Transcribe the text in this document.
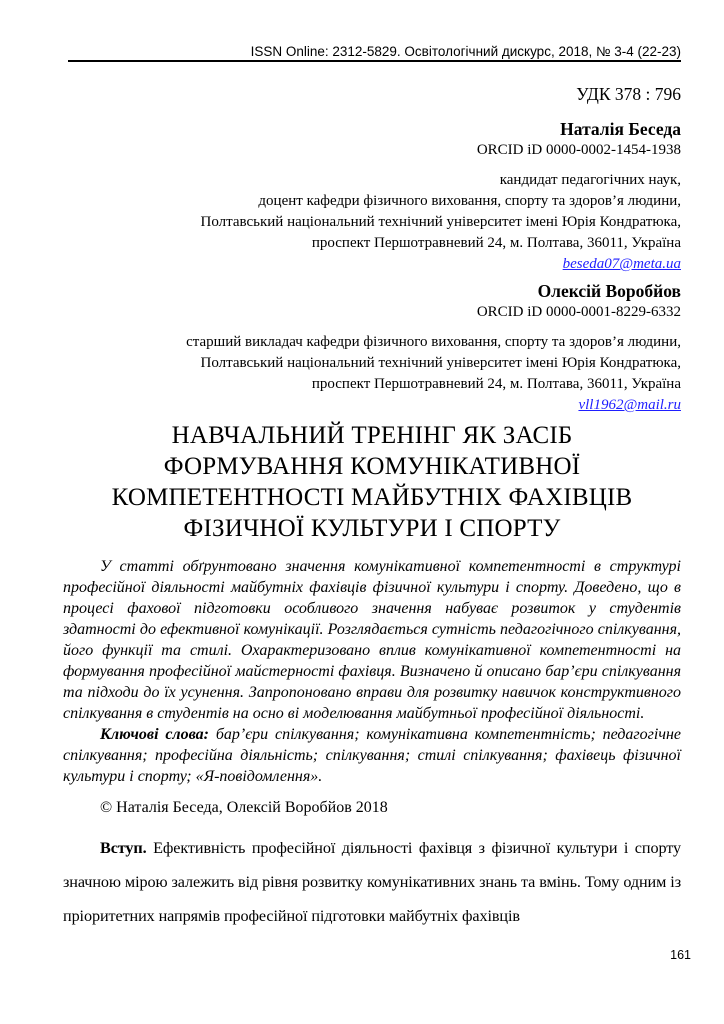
ISSN Online: 2312-5829. Освітологічний дискурс, 2018, № 3-4 (22-23)
УДК 378 : 796
Наталія Беседа
ORCID iD 0000-0002-1454-1938
кандидат педагогічних наук,
доцент кафедри фізичного виховання, спорту та здоров’я людини,
Полтавський національний технічний університет імені Юрія Кондратюка,
проспект Першотравневий 24, м. Полтава, 36011, Україна
beseda07@meta.ua
Олексій Воробйов
ORCID iD 0000-0001-8229-6332
старший викладач кафедри фізичного виховання, спорту та здоров’я людини,
Полтавський національний технічний університет імені Юрія Кондратюка,
проспект Першотравневий 24, м. Полтава, 36011, Україна
vll1962@mail.ru
НАВЧАЛЬНИЙ ТРЕНІНГ ЯК ЗАСІБ
ФОРМУВАННЯ КОМУНІКАТИВНОЇ
КОМПЕТЕНТНОСТІ МАЙБУТНІХ ФАХІВЦІВ
ФІЗИЧНОЇ КУЛЬТУРИ І СПОРТУ

У статті обґрунтовано значення комунікативної компетентності в структурі професійної діяльності майбутніх фахівців фізичної культури і спорту. Доведено, що в процесі фахової підготовки особливого значення набуває розвиток у студентів здатності до ефективної комунікації. Розглядається сутність педагогічного спілкування, його функції та стилі. Охарактеризовано вплив комунікативної компетентності на формування професійної майстерності фахівця. Визначено й описано бар’єри спілкування та підходи до їх усунення. Запропоновано вправи для розвитку навичок конструктивного спілкування в студентів на осно ві моделювання майбутньої професійної діяльності.

Ключові слова: бар’єри спілкування; комунікативна компетентність; педагогічне спілкування; професійна діяльність; спілкування; стилі спілкування; фахівець фізичної культури і спорту; «Я-повідомлення».

© Наталія Беседа, Олексій Воробйов 2018

Вступ. Ефективність професійної діяльності фахівця з фізичної культури і спорту значною мірою залежить від рівня розвитку комунікативних знань та вмінь. Тому одним із пріоритетних напрямів професійної підготовки майбутніх фахівців

161
